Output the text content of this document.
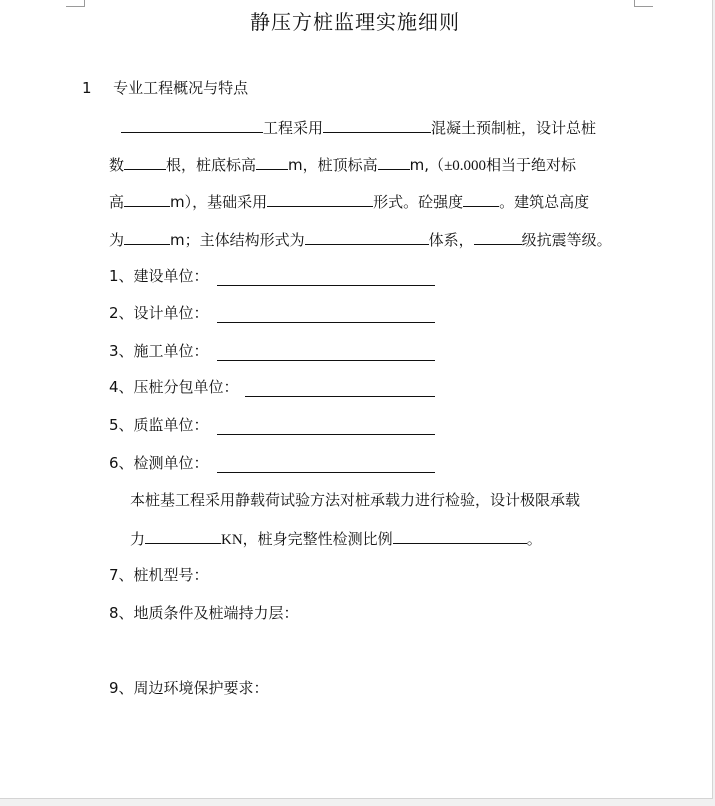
静压方桩监理实施细则
1 专业工程概况与特点
工程采用	混凝土预制桩，设计总桩
数	根，桩底标高 m，桩顶标高 m,（±0.000相当于绝对标
高	m），基础采用	形式。砼强度 。建筑总高度
为	m；主体结构形式为	体系，	级抗震等级。
1、建设单位：
2、设计单位：
3、施工单位：
4、压桩分包单位：
5、质监单位：
6、检测单位：
本桩基工程采用静载荷试验方法对桩承载力进行检验，设计极限承载
力	KN，桩身完整性检测比例	。
7、桩机型号：
8、地质条件及桩端持力层：
9、周边环境保护要求：
